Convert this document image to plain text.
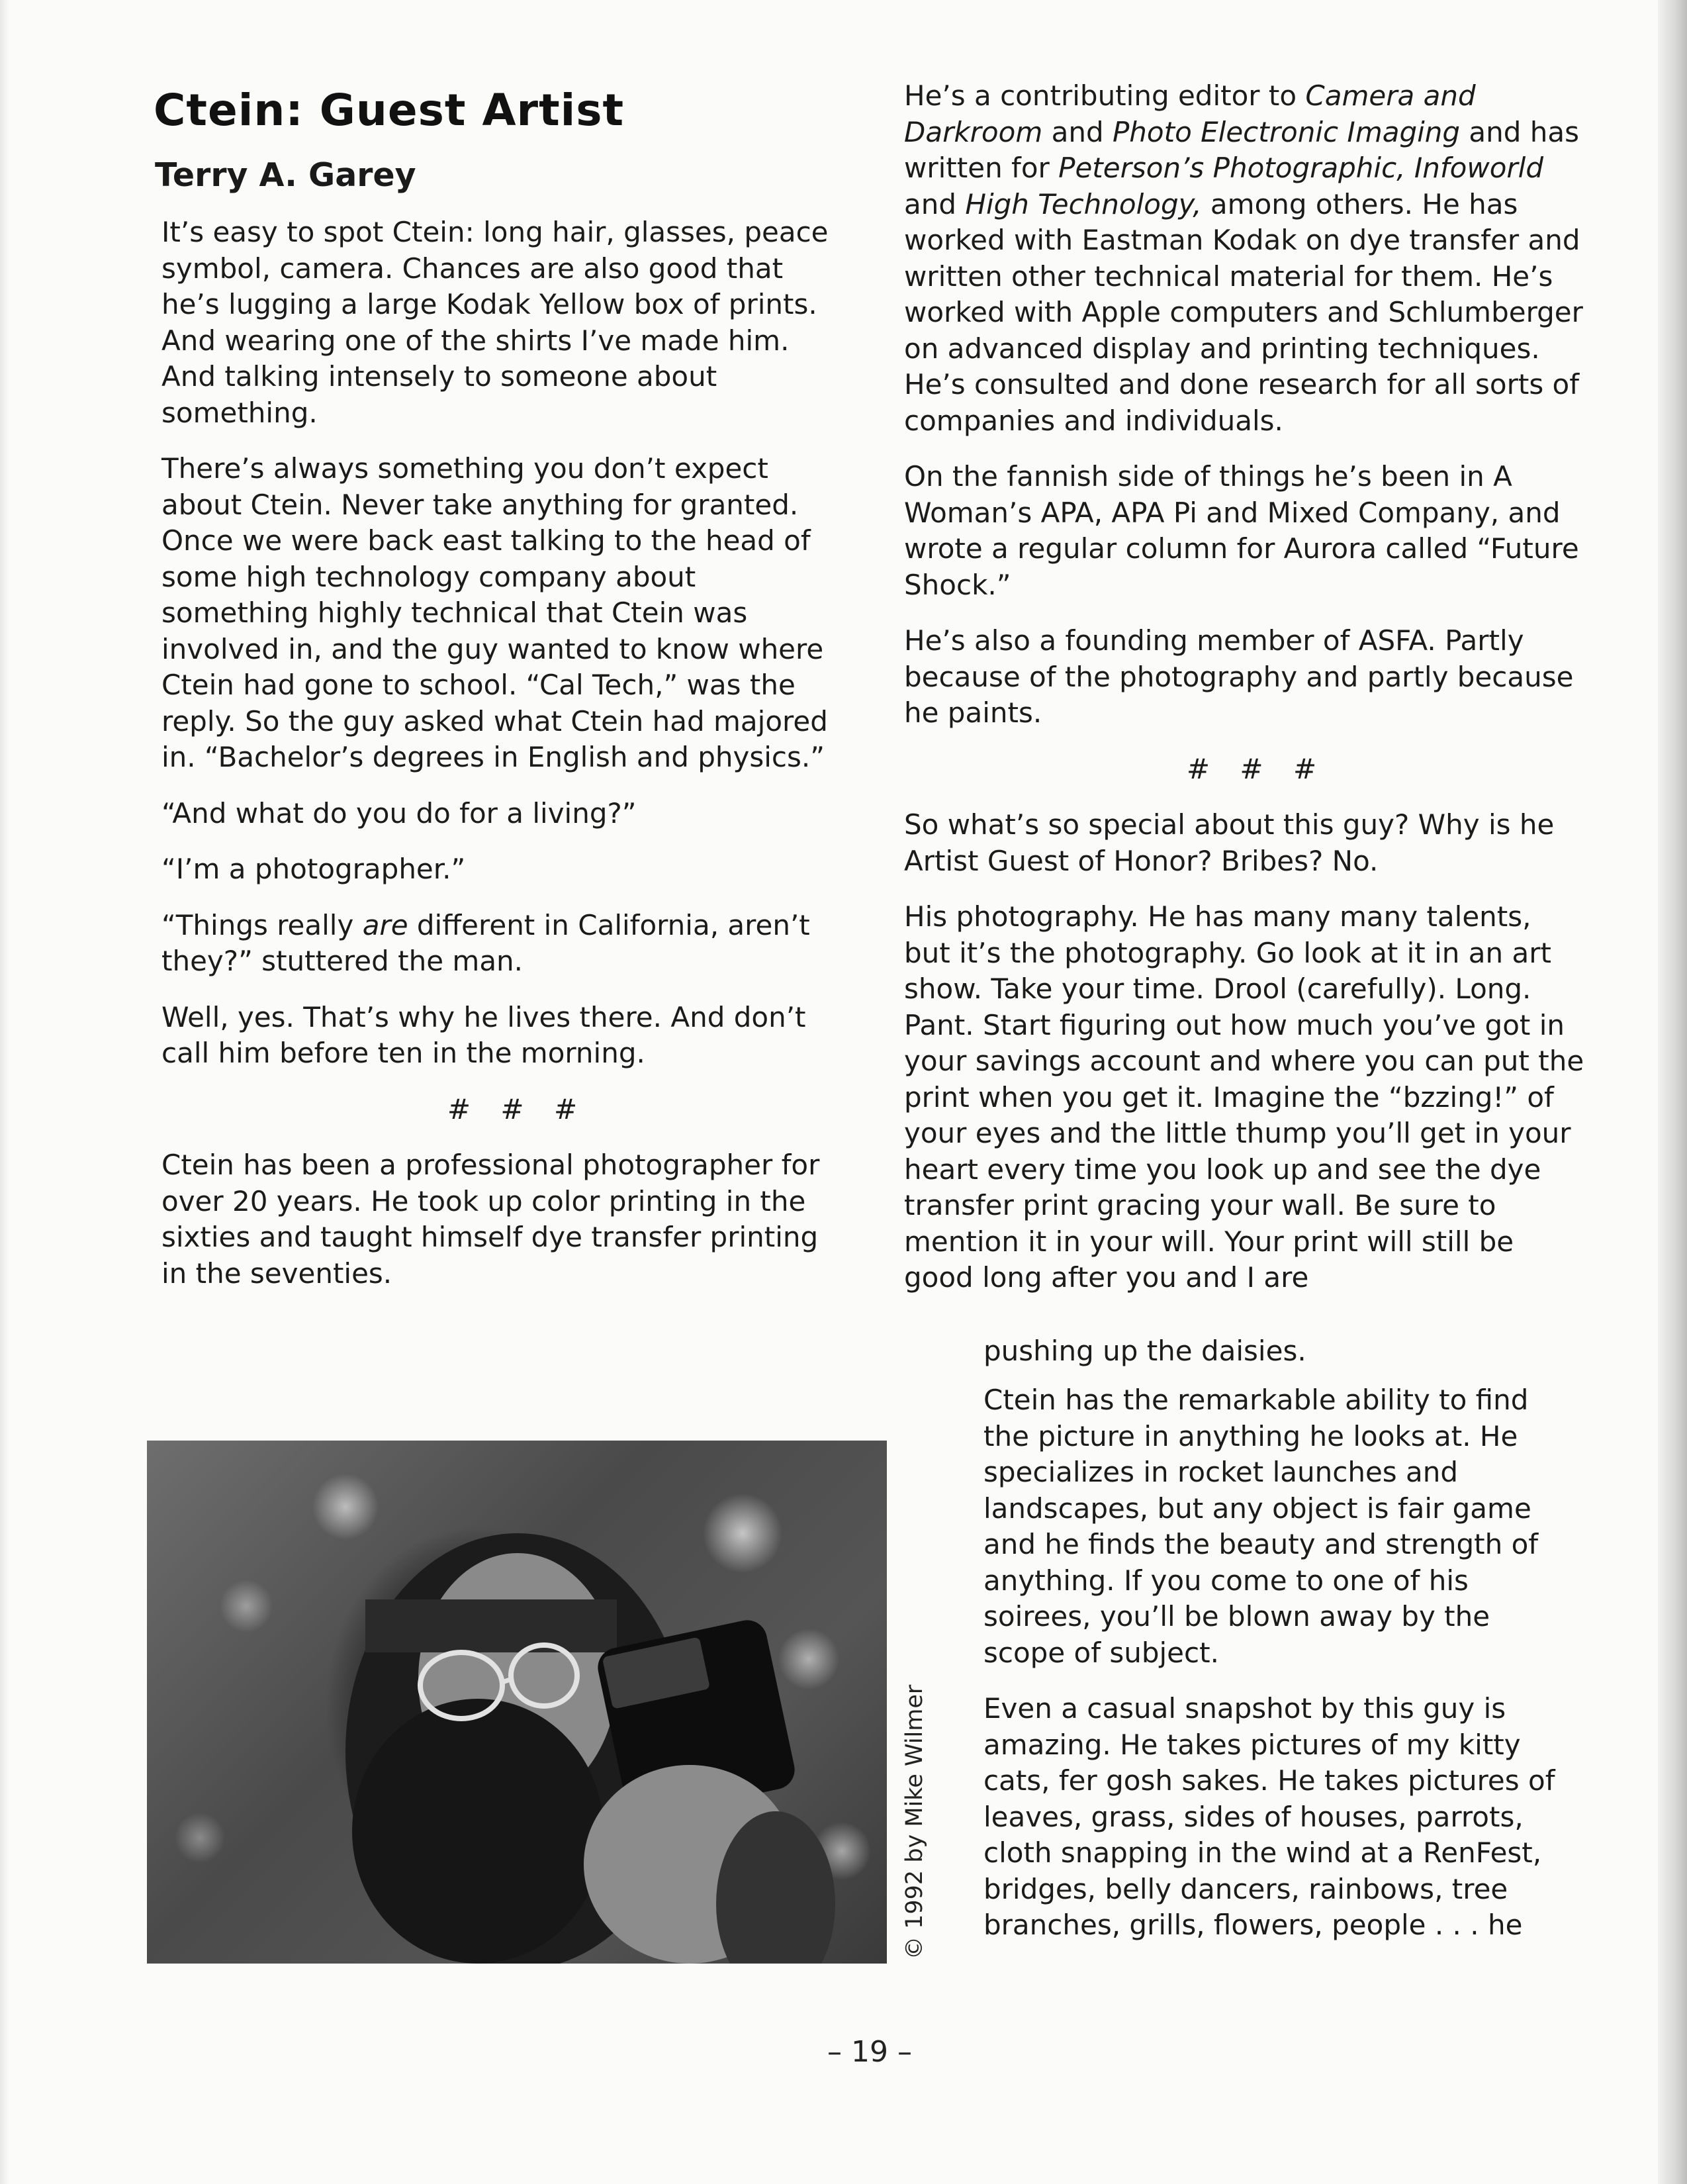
Ctein: Guest Artist
Terry A. Garey

It’s easy to spot Ctein: long hair, glasses, peace symbol, camera. Chances are also good that he’s lugging a large Kodak Yellow box of prints. And wearing one of the shirts I’ve made him. And talking intensely to someone about something.

There’s always something you don’t expect about Ctein. Never take anything for granted. Once we were back east talking to the head of some high technology company about something highly technical that Ctein was involved in, and the guy wanted to know where Ctein had gone to school. “Cal Tech,” was the reply. So the guy asked what Ctein had majored in. “Bachelor’s degrees in English and physics.”

“And what do you do for a living?”

“I’m a photographer.”

“Things really are different in California, aren’t they?” stuttered the man.

Well, yes. That’s why he lives there. And don’t call him before ten in the morning.

# # #

Ctein has been a professional photographer for over 20 years. He took up color printing in the sixties and taught himself dye transfer printing in the seventies.

He’s a contributing editor to Camera and Darkroom and Photo Electronic Imaging and has written for Peterson’s Photographic, Infoworld and High Technology, among others. He has worked with Eastman Kodak on dye transfer and written other technical material for them. He’s worked with Apple computers and Schlumberger on advanced display and printing techniques. He’s consulted and done research for all sorts of companies and individuals.

On the fannish side of things he’s been in A Woman’s APA, APA Pi and Mixed Company, and wrote a regular column for Aurora called “Future Shock.”

He’s also a founding member of ASFA. Partly because of the photography and partly because he paints.

# # #

So what’s so special about this guy? Why is he Artist Guest of Honor? Bribes? No.

His photography. He has many many talents, but it’s the photography. Go look at it in an art show. Take your time. Drool (carefully). Long. Pant. Start figuring out how much you’ve got in your savings account and where you can put the print when you get it. Imagine the “bzzing!” of your eyes and the little thump you’ll get in your heart every time you look up and see the dye transfer print gracing your wall. Be sure to mention it in your will. Your print will still be good long after you and I are

Ctein has the remarkable ability to find the picture in anything he looks at. He specializes in rocket launches and landscapes, but any object is fair game and he finds the beauty and strength of anything. If you come to one of his soirees, you’ll be blown away by the scope of subject.

Even a casual snapshot by this guy is amazing. He takes pictures of my kitty cats, fer gosh sakes. He takes pictures of leaves, grass, sides of houses, parrots, cloth snapping in the wind at a RenFest, bridges, belly dancers, rainbows, tree branches, grills, flowers, people . . . he

pushing up the daisies.

© 1992 by Mike Wilmer

– 19 –
